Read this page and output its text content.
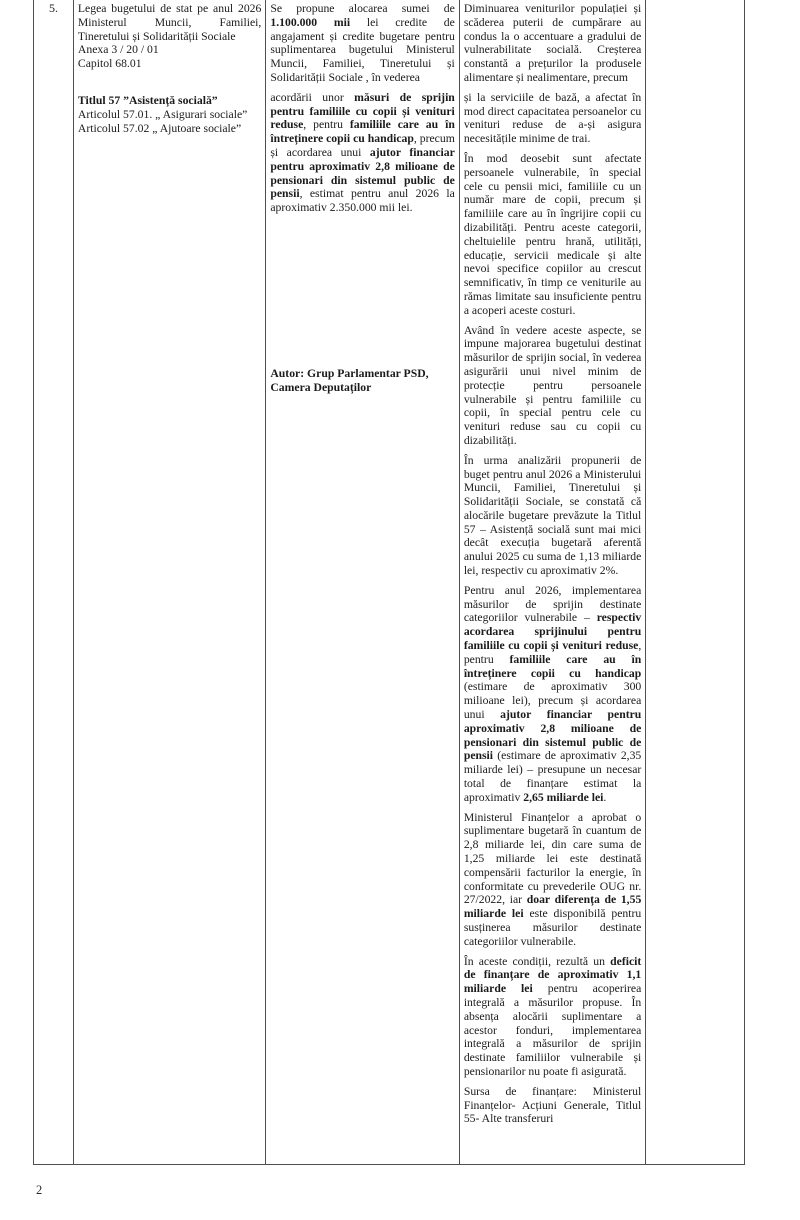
5.	Legea bugetului de stat pe anul 2026 Ministerul Muncii, Familiei, Tineretului și Solidarității Sociale

Anexa 3 / 20 / 01
Capitol 68.01
Titlul 57 ”Asistență socială”
Articolul 57.01. „ Asigurari sociale”
Articolul 57.02 „ Ajutoare sociale”

Se propune alocarea sumei de 1.100.000 mii lei credite de angajament și credite bugetare pentru suplimentarea bugetului Ministerul Muncii, Familiei, Tineretului și Solidarității Sociale , în vederea

acordării unor măsuri de sprijin pentru familiile cu copii și venituri reduse, pentru familiile care au în întreținere copii cu handicap, precum și acordarea unui ajutor financiar pentru aproximativ 2,8 milioane de pensionari din sistemul public de pensii, estimat pentru anul 2026 la aproximativ 2.350.000 mii lei.

Autor: Grup Parlamentar PSD,
Camera Deputaților

Diminuarea veniturilor populației și scăderea puterii de cumpărare au condus la o accentuare a gradului de vulnerabilitate socială. Creșterea constantă a prețurilor la produsele alimentare și nealimentare, precum

și la serviciile de bază, a afectat în mod direct capacitatea persoanelor cu venituri reduse de a-și asigura necesitățile minime de trai.

În mod deosebit sunt afectate persoanele vulnerabile, în special cele cu pensii mici, familiile cu un număr mare de copii, precum și familiile care au în îngrijire copii cu dizabilități. Pentru aceste categorii, cheltuielile pentru hrană, utilități, educație, servicii medicale și alte nevoi specifice copiilor au crescut semnificativ, în timp ce veniturile au rămas limitate sau insuficiente pentru a acoperi aceste costuri.

Având în vedere aceste aspecte, se impune majorarea bugetului destinat măsurilor de sprijin social, în vederea asigurării unui nivel minim de protecție pentru persoanele vulnerabile și pentru familiile cu copii, în special pentru cele cu venituri reduse sau cu copii cu dizabilități.

În urma analizării propunerii de buget pentru anul 2026 a Ministerului Muncii, Familiei, Tineretului și Solidarității Sociale, se constată că alocările bugetare prevăzute la Titlul 57 – Asistență socială sunt mai mici decât execuția bugetară aferentă anului 2025 cu suma de 1,13 miliarde lei, respectiv cu aproximativ 2%.

Pentru anul 2026, implementarea măsurilor de sprijin destinate categoriilor vulnerabile – respectiv acordarea sprijinului pentru familiile cu copii și venituri reduse, pentru familiile care au în întreținere copii cu handicap (estimare de aproximativ 300 milioane lei), precum și acordarea unui ajutor financiar pentru aproximativ 2,8 milioane de pensionari din sistemul public de pensii (estimare de aproximativ 2,35 miliarde lei) – presupune un necesar total de finanțare estimat la aproximativ 2,65 miliarde lei.

Ministerul Finanțelor a aprobat o suplimentare bugetară în cuantum de 2,8 miliarde lei, din care suma de 1,25 miliarde lei este destinată compensării facturilor la energie, în conformitate cu prevederile OUG nr. 27/2022, iar doar diferența de 1,55 miliarde lei este disponibilă pentru susținerea măsurilor destinate categoriilor vulnerabile.

În aceste condiții, rezultă un deficit de finanțare de aproximativ 1,1 miliarde lei pentru acoperirea integrală a măsurilor propuse. În absența alocării suplimentare a acestor fonduri, implementarea integrală a măsurilor de sprijin destinate familiilor vulnerabile și pensionarilor nu poate fi asigurată.

Sursa de finanțare: Ministerul Finanțelor- Acțiuni Generale, Titlul 55- Alte transferuri

2
